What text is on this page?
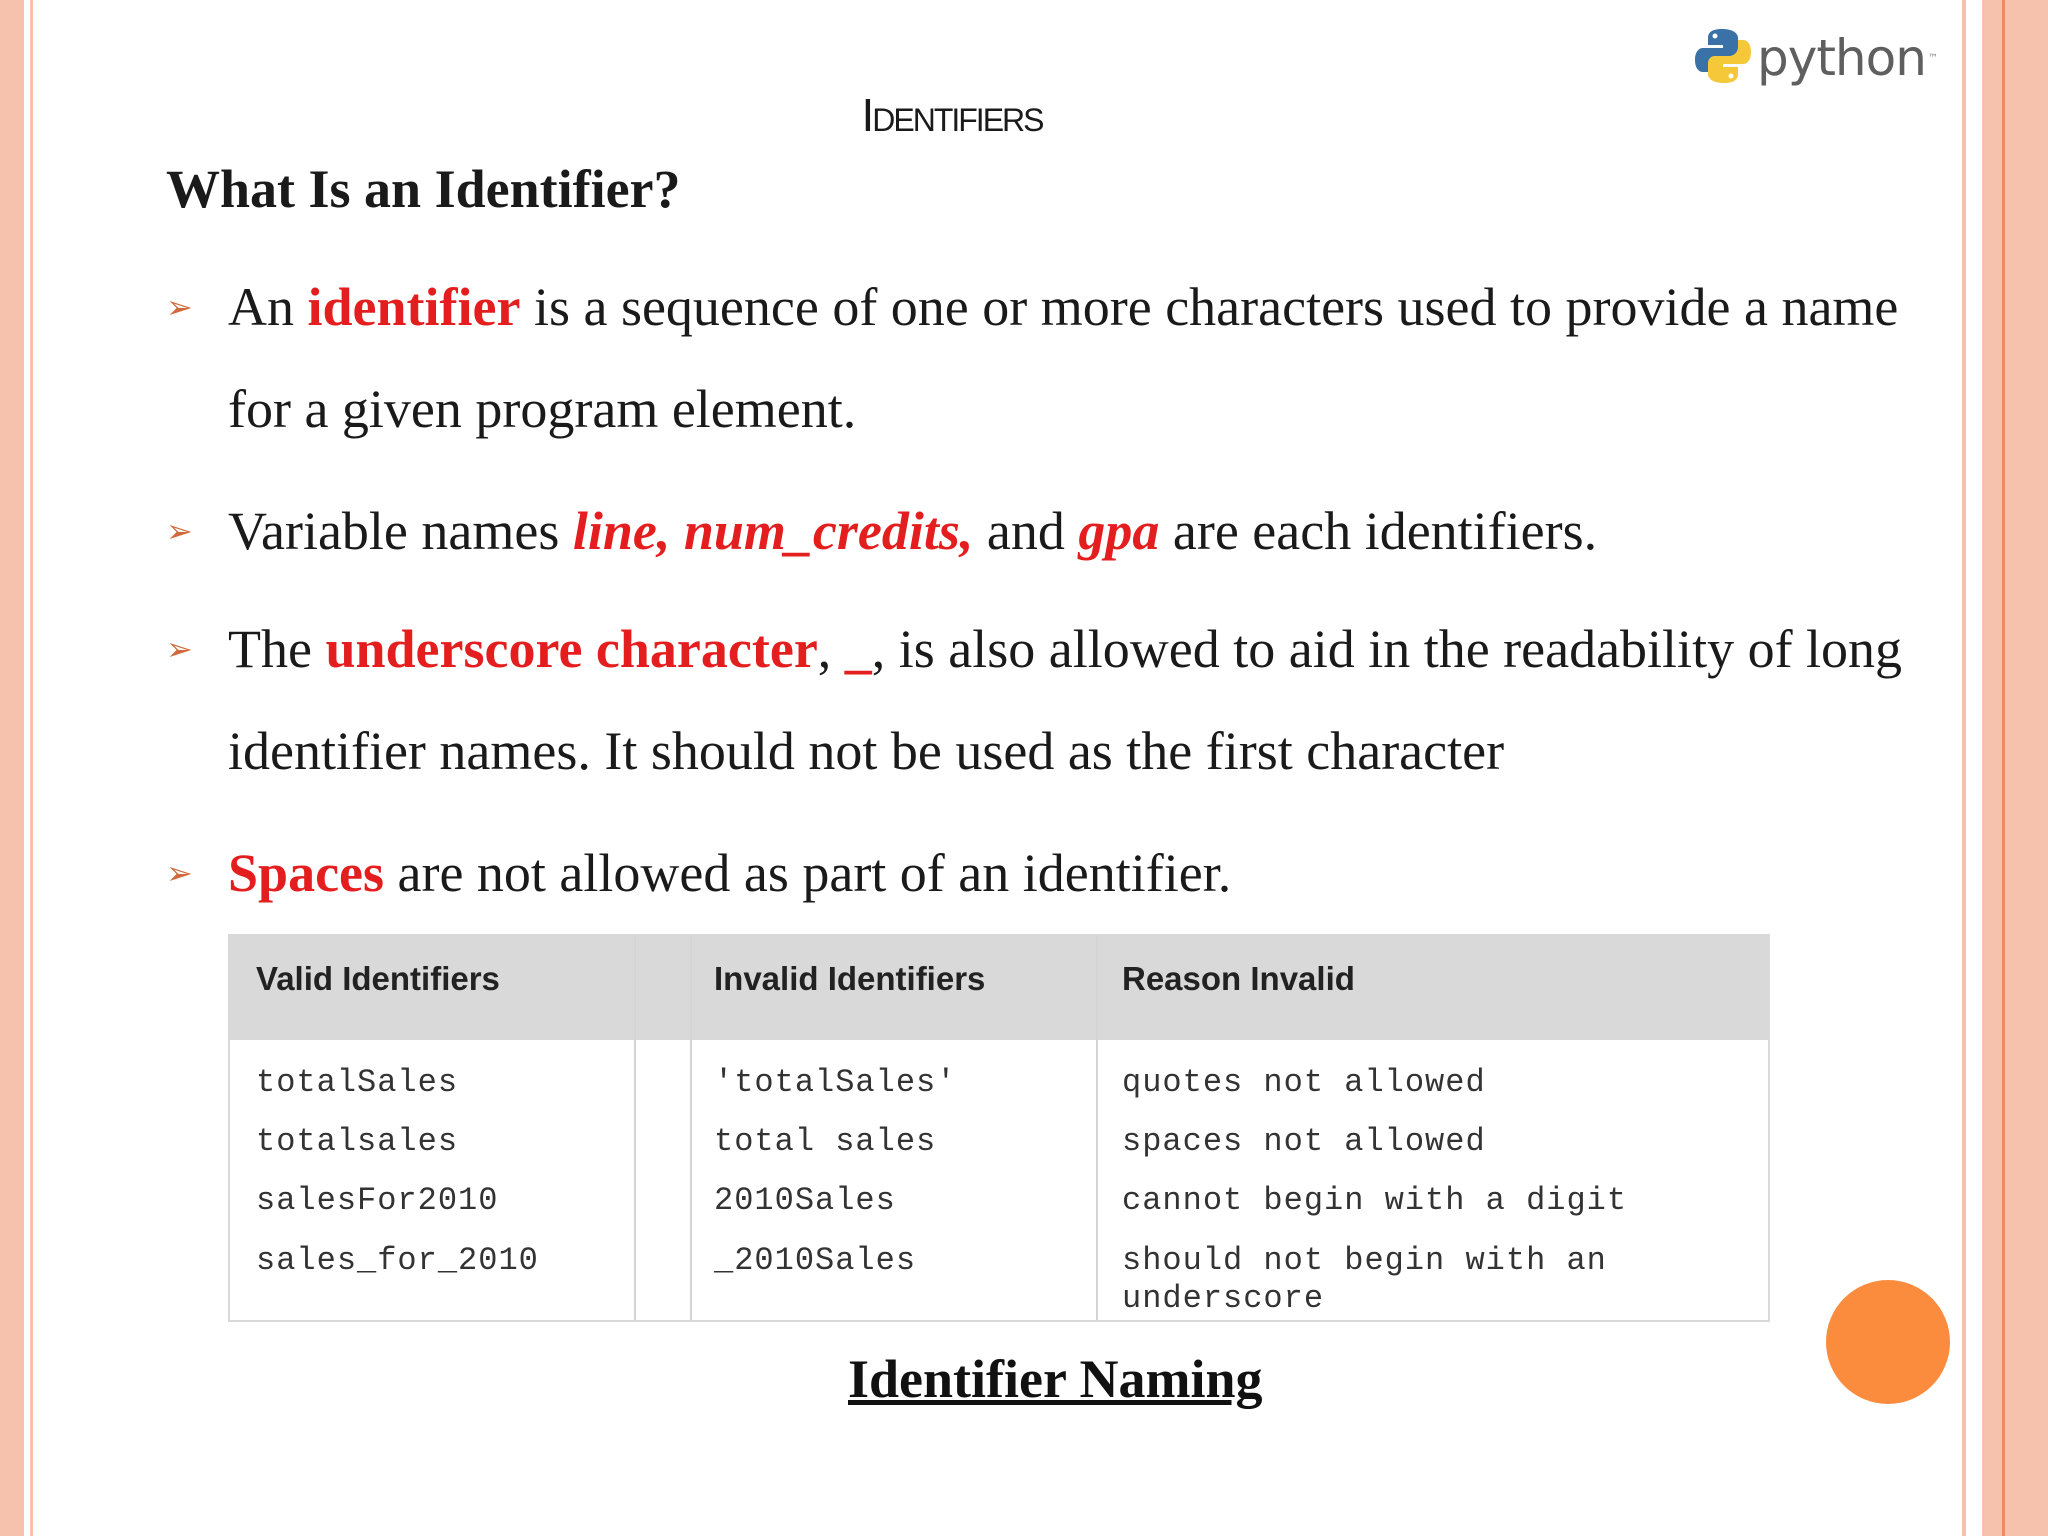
python ™
Identifiers
What Is an Identifier?
➢ An identifier is a sequence of one or more characters used to provide a name for a given program element.
➢ Variable names line, num_credits, and gpa are each identifiers.
➢ The underscore character, _, is also allowed to aid in the readability of long identifier names. It should not be used as the first character
➢ Spaces are not allowed as part of an identifier.
Valid Identifiers	Invalid Identifiers	Reason Invalid
totalSales	'totalSales'	quotes not allowed
totalsales	total sales	spaces not allowed
salesFor2010	2010Sales	cannot begin with a digit
sales_for_2010	_2010Sales	should not begin with an underscore
Identifier Naming
